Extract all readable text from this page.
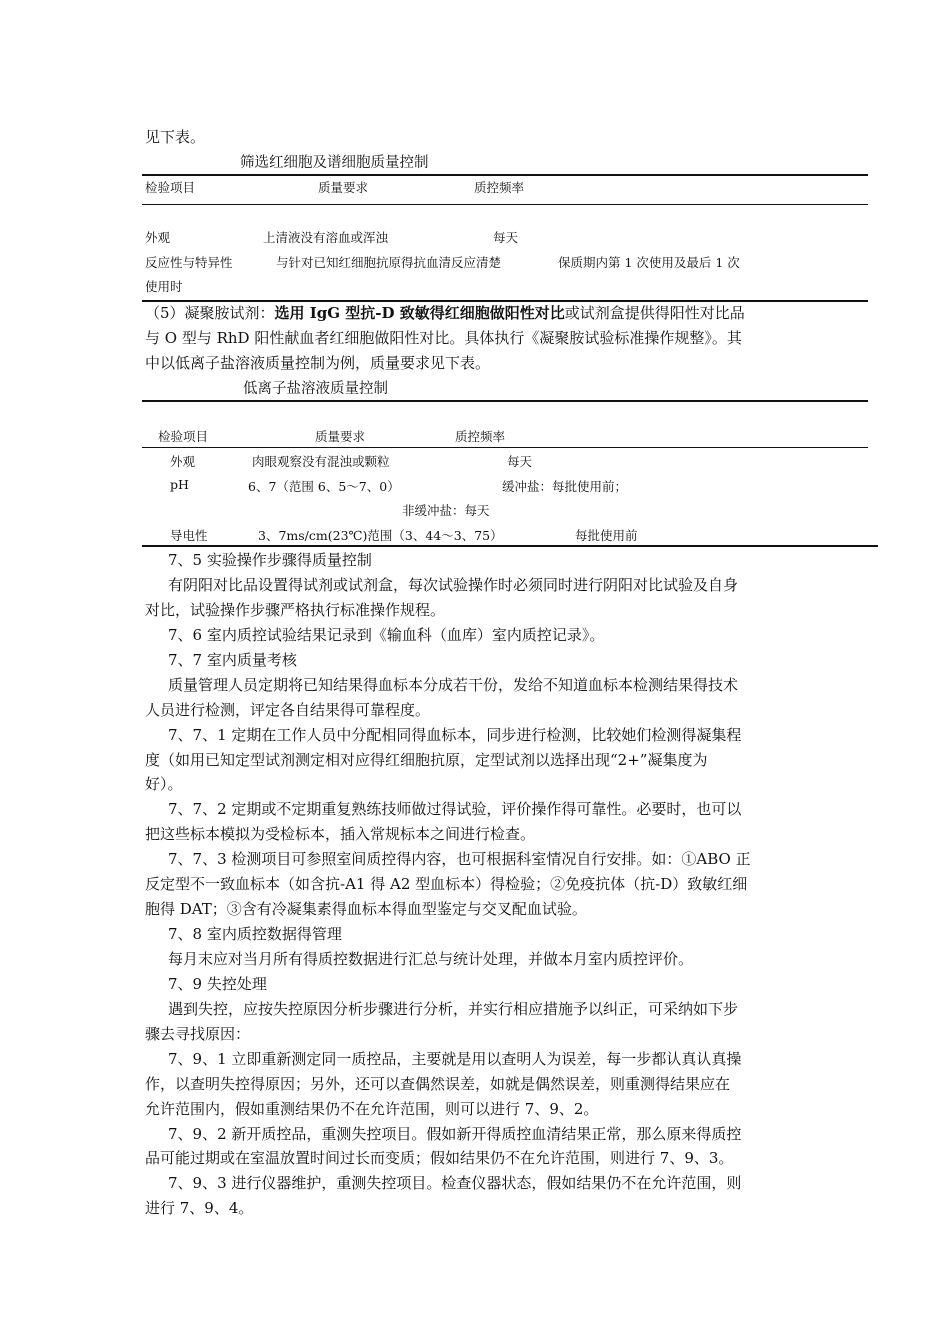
见下表。
筛选红细胞及谱细胞质量控制
检验项目	质量要求	质控频率
外观	上清液没有溶血或浑浊	每天
反应性与特异性	与针对已知红细胞抗原得抗血清反应清楚	保质期内第 1 次使用及最后 1 次
使用时
（5）凝聚胺试剂：选用 IgG 型抗-D 致敏得红细胞做阳性对比或试剂盒提供得阳性对比品
与 O 型与 RhD 阳性献血者红细胞做阳性对比。具体执行《凝聚胺试验标准操作规整》。其
中以低离子盐溶液质量控制为例，质量要求见下表。
低离子盐溶液质量控制
检验项目	质量要求	质控频率
外观	肉眼观察没有混浊或颗粒	每天
pH	6、7（范围 6、5～7、0）	缓冲盐：每批使用前；
非缓冲盐：每天
导电性	3、7ms/cm(23℃)范围（3、44～3、75）	每批使用前
7、5 实验操作步骤得质量控制
有阴阳对比品设置得试剂或试剂盒，每次试验操作时必须同时进行阴阳对比试验及自身
对比，试验操作步骤严格执行标准操作规程。
7、6 室内质控试验结果记录到《输血科（血库）室内质控记录》。
7、7 室内质量考核
质量管理人员定期将已知结果得血标本分成若干份，发给不知道血标本检测结果得技术
人员进行检测，评定各自结果得可靠程度。
7、7、1 定期在工作人员中分配相同得血标本，同步进行检测，比较她们检测得凝集程
度（如用已知定型试剂测定相对应得红细胞抗原，定型试剂以选择出现“2+”凝集度为
好）。
7、7、2 定期或不定期重复熟练技师做过得试验，评价操作得可靠性。必要时，也可以
把这些标本模拟为受检标本，插入常规标本之间进行检查。
7、7、3 检测项目可参照室间质控得内容，也可根据科室情况自行安排。如：①ABO 正
反定型不一致血标本（如含抗-A1 得 A2 型血标本）得检验；②免疫抗体（抗-D）致敏红细
胞得 DAT；③含有冷凝集素得血标本得血型鉴定与交叉配血试验。
7、8 室内质控数据得管理
每月末应对当月所有得质控数据进行汇总与统计处理，并做本月室内质控评价。
7、9 失控处理
遇到失控，应按失控原因分析步骤进行分析，并实行相应措施予以纠正，可采纳如下步
骤去寻找原因：
7、9、1 立即重新测定同一质控品，主要就是用以查明人为误差，每一步都认真认真操
作，以查明失控得原因；另外，还可以查偶然误差，如就是偶然误差，则重测得结果应在
允许范围内，假如重测结果仍不在允许范围，则可以进行 7、9、2。
7、9、2 新开质控品，重测失控项目。假如新开得质控血清结果正常，那么原来得质控
品可能过期或在室温放置时间过长而变质；假如结果仍不在允许范围，则进行 7、9、3。
7、9、3 进行仪器维护，重测失控项目。检查仪器状态，假如结果仍不在允许范围，则
进行 7、9、4。
